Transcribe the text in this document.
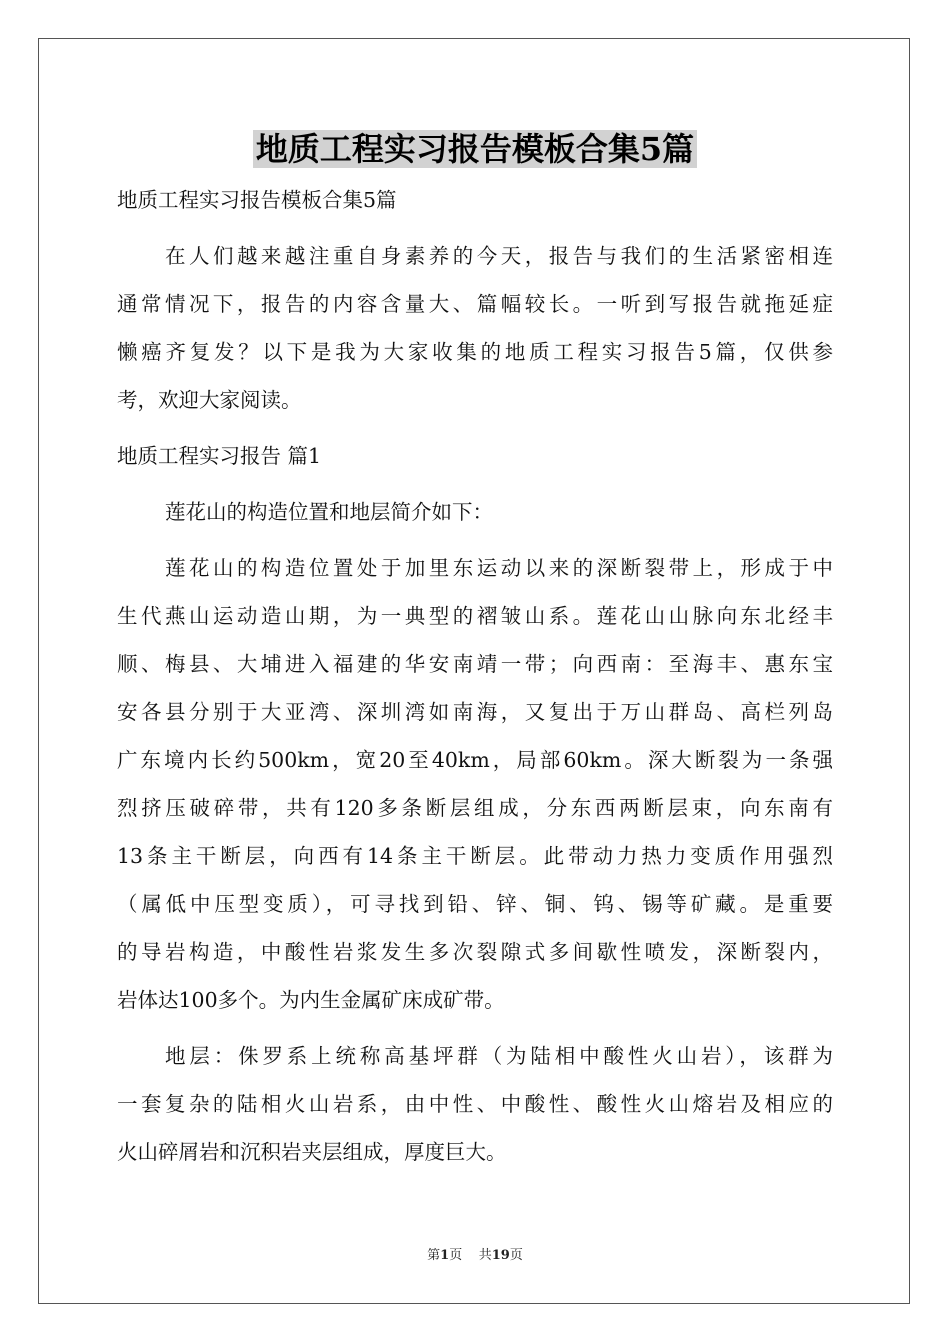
地质工程实习报告模板合集5篇
地质工程实习报告模板合集5篇
在人们越来越注重自身素养的今天，报告与我们的生活紧密相连
通常情况下，报告的内容含量大、篇幅较长。一听到写报告就拖延症
懒癌齐复发？以下是我为大家收集的地质工程实习报告5篇，仅供参
考，欢迎大家阅读。
地质工程实习报告 篇1
莲花山的构造位置和地层简介如下：
莲花山的构造位置处于加里东运动以来的深断裂带上，形成于中
生代燕山运动造山期，为一典型的褶皱山系。莲花山山脉向东北经丰
顺、梅县、大埔进入福建的华安南靖一带；向西南：至海丰、惠东宝
安各县分别于大亚湾、深圳湾如南海，又复出于万山群岛、高栏列岛
广东境内长约500km，宽20至40km，局部60km。深大断裂为一条强
烈挤压破碎带，共有120多条断层组成，分东西两断层束，向东南有
13条主干断层，向西有14条主干断层。此带动力热力变质作用强烈
（属低中压型变质），可寻找到铅、锌、铜、钨、锡等矿藏。是重要
的导岩构造，中酸性岩浆发生多次裂隙式多间歇性喷发，深断裂内，
岩体达100多个。为内生金属矿床成矿带。
地层：侏罗系上统称高基坪群（为陆相中酸性火山岩），该群为
一套复杂的陆相火山岩系，由中性、中酸性、酸性火山熔岩及相应的
火山碎屑岩和沉积岩夹层组成，厚度巨大。
第1页 共19页
